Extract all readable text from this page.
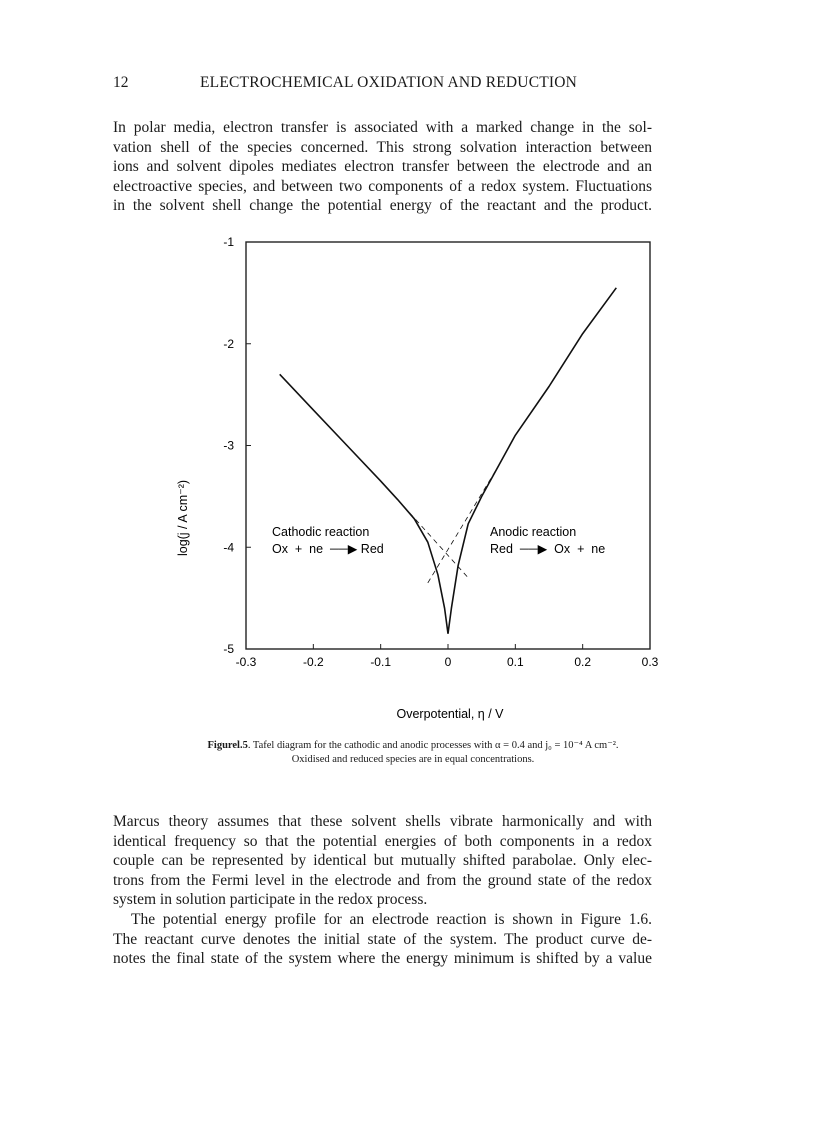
12	ELECTROCHEMICAL OXIDATION AND REDUCTION
In polar media, electron transfer is associated with a marked change in the sol-
vation shell of the species concerned. This strong solvation interaction between
ions and solvent dipoles mediates electron transfer between the electrode and an
electroactive species, and between two components of a redox system. Fluctuations
in the solvent shell change the potential energy of the reactant and the product.
-0.3	-0.2	-0.1	0	0.1	0.2	0.3
-1
-2
-3
-4
-5
log(j / A cm⁻²)
Overpotential, η / V
Cathodic reaction
Ox  +  ne  ──▶ Red
Anodic reaction
Red  ──▶  Ox  +  ne
Figurel.5. Tafel diagram for the cathodic and anodic processes with α = 0.4 and j₀ = 10⁻⁴ A cm⁻².
Oxidised and reduced species are in equal concentrations.
Marcus theory assumes that these solvent shells vibrate harmonically and with
identical frequency so that the potential energies of both components in a redox
couple can be represented by identical but mutually shifted parabolae. Only elec-
trons from the Fermi level in the electrode and from the ground state of the redox
system in solution participate in the redox process.
The potential energy profile for an electrode reaction is shown in Figure 1.6.
The reactant curve denotes the initial state of the system. The product curve de-
notes the final state of the system where the energy minimum is shifted by a value
